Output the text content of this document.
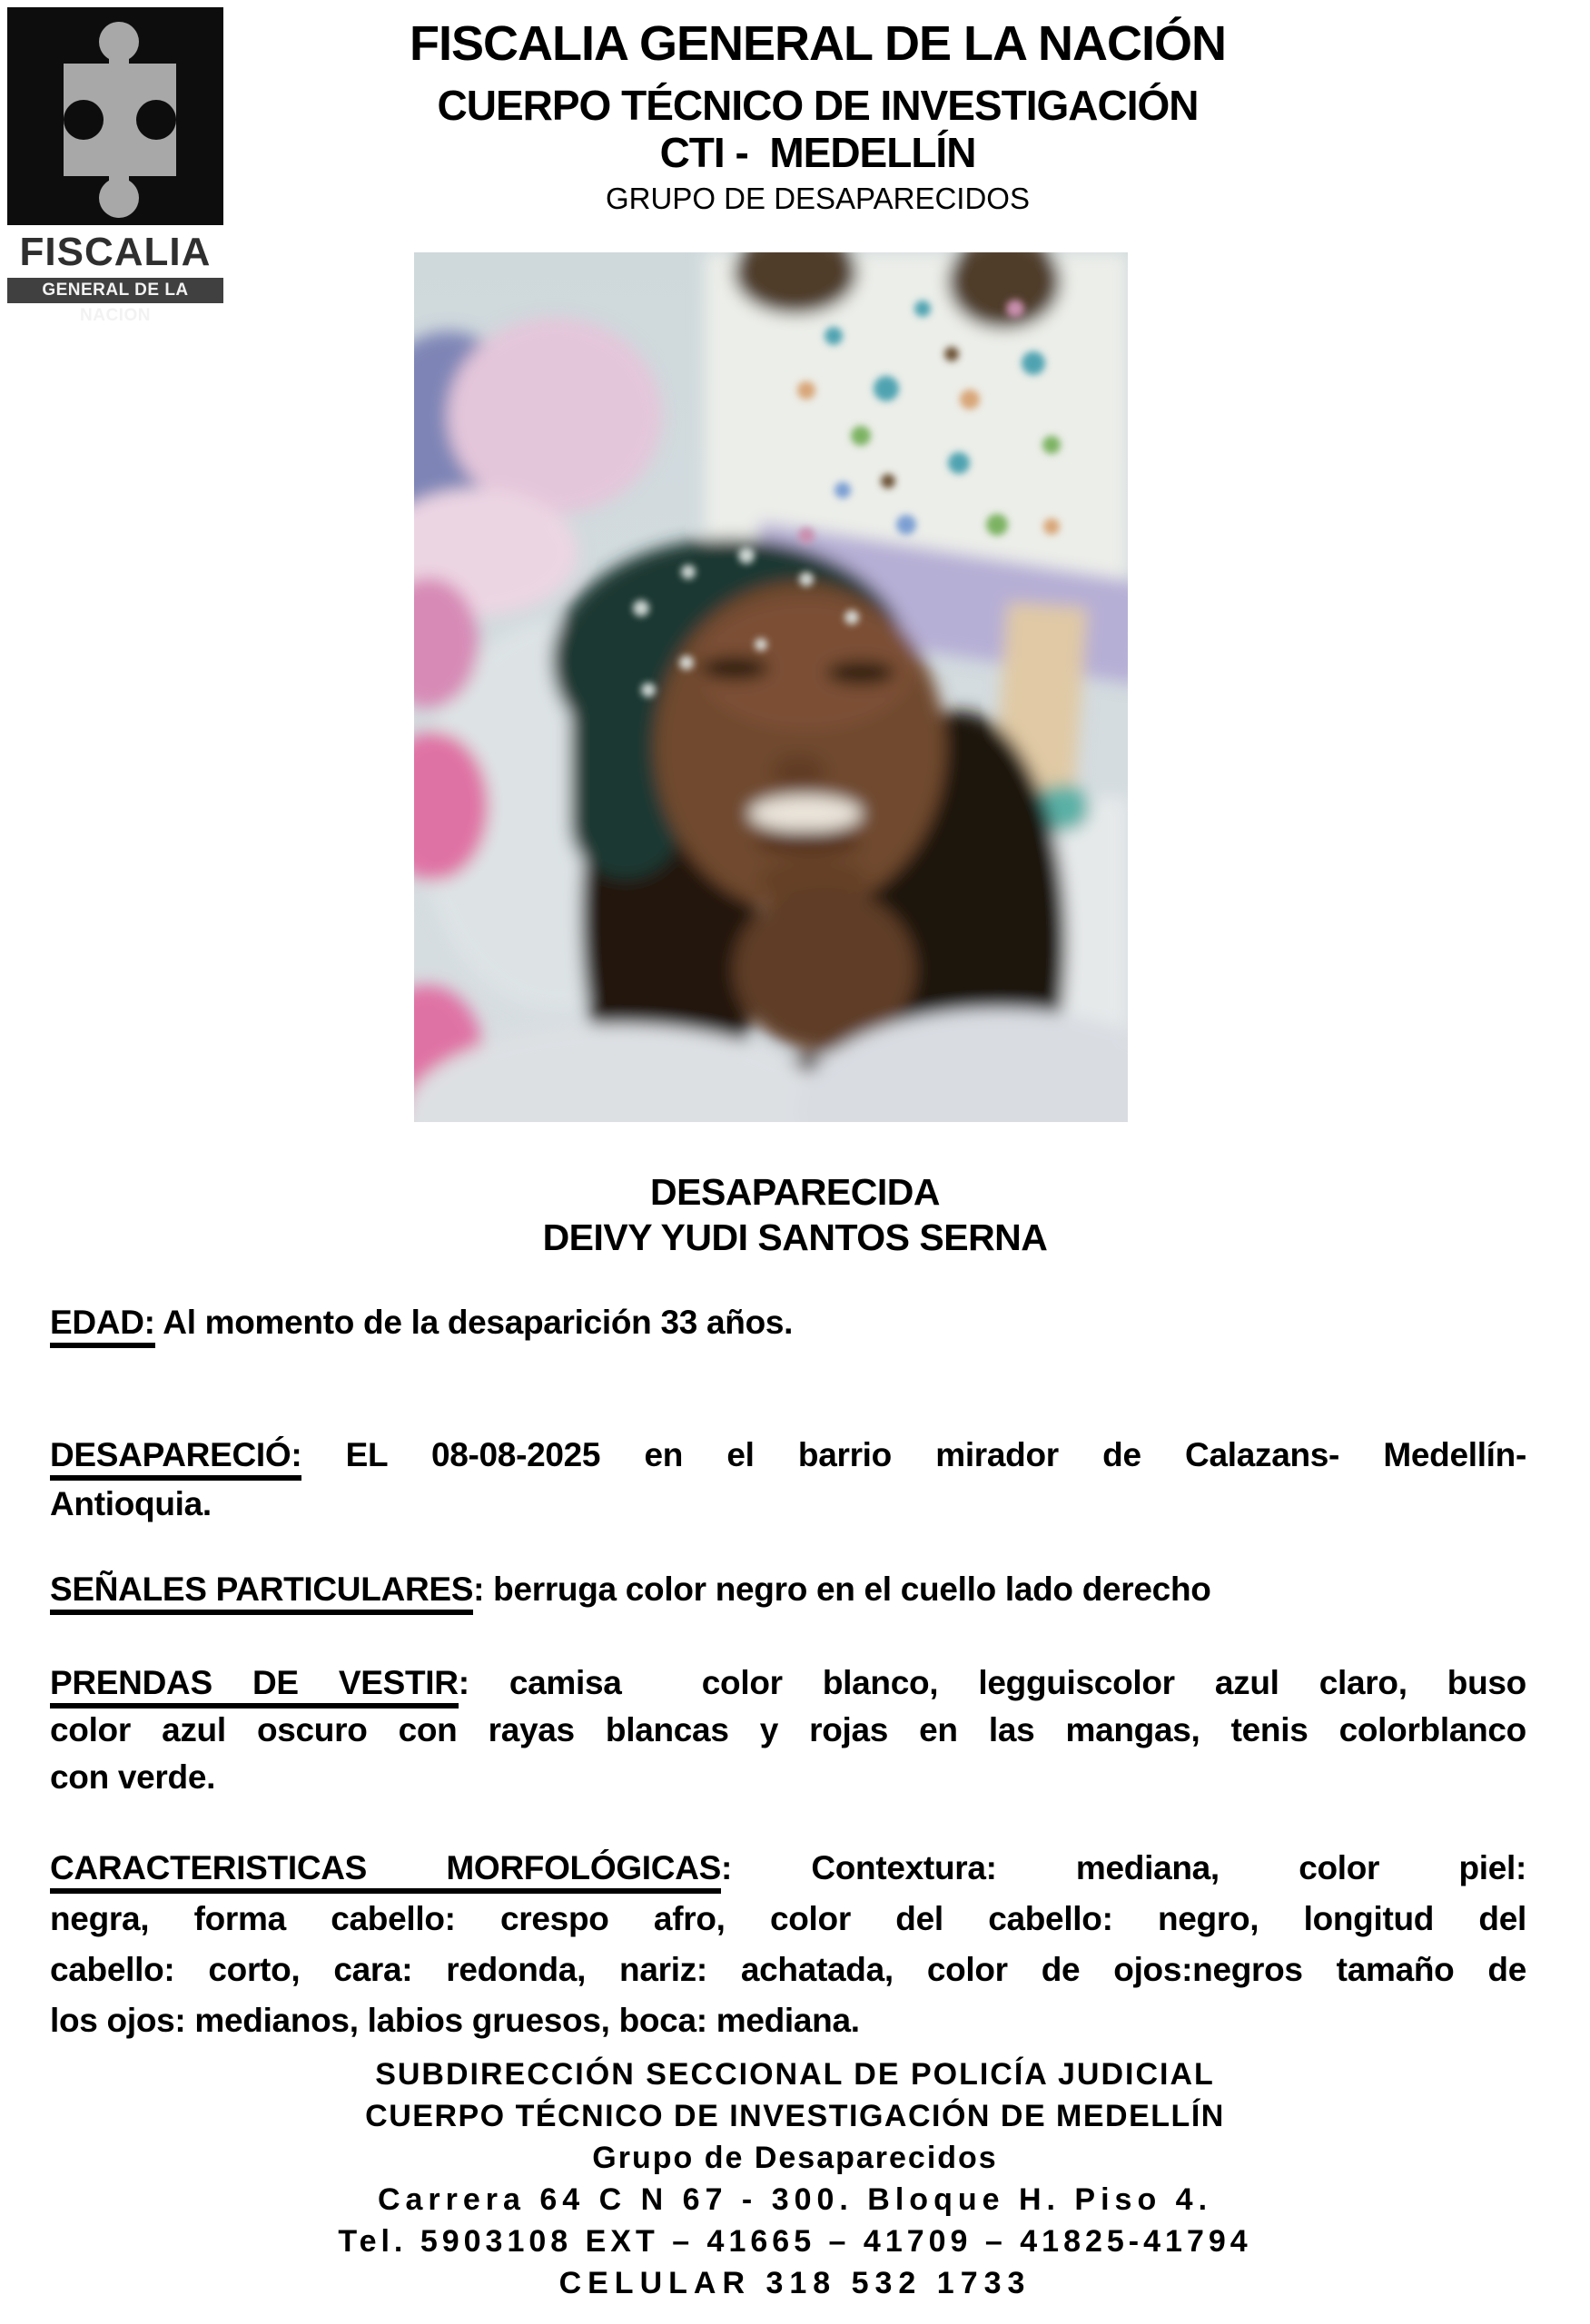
FISCALIA
GENERAL DE LA NACION
FISCALIA GENERAL DE LA NACIÓN
CUERPO TÉCNICO DE INVESTIGACIÓN
CTI -  MEDELLÍN
GRUPO DE DESAPARECIDOS
DESAPARECIDA
DEIVY YUDI SANTOS SERNA
EDAD: Al momento de la desaparición 33 años.
DESAPARECIÓ: EL 08-08-2025 en el barrio mirador de Calazans- Medellín-
Antioquia.
SEÑALES PARTICULARES: berruga color negro en el cuello lado derecho
PRENDAS DE VESTIR: camisa  color blanco, legguiscolor azul claro, buso
color azul oscuro con rayas blancas y rojas en las mangas, tenis colorblanco
con verde.
CARACTERISTICAS MORFOLÓGICAS: Contextura: mediana, color piel:
negra, forma cabello: crespo afro, color del cabello: negro, longitud del
cabello: corto, cara: redonda, nariz: achatada, color de ojos:negros tamaño de
los ojos: medianos, labios gruesos, boca: mediana.
SUBDIRECCIÓN SECCIONAL DE POLICÍA JUDICIAL
CUERPO TÉCNICO DE INVESTIGACIÓN DE MEDELLÍN
Grupo de Desaparecidos
Carrera 64 C N 67 - 300. Bloque H. Piso 4.
Tel. 5903108 EXT – 41665 – 41709 – 41825-41794
CELULAR 318 532 1733
